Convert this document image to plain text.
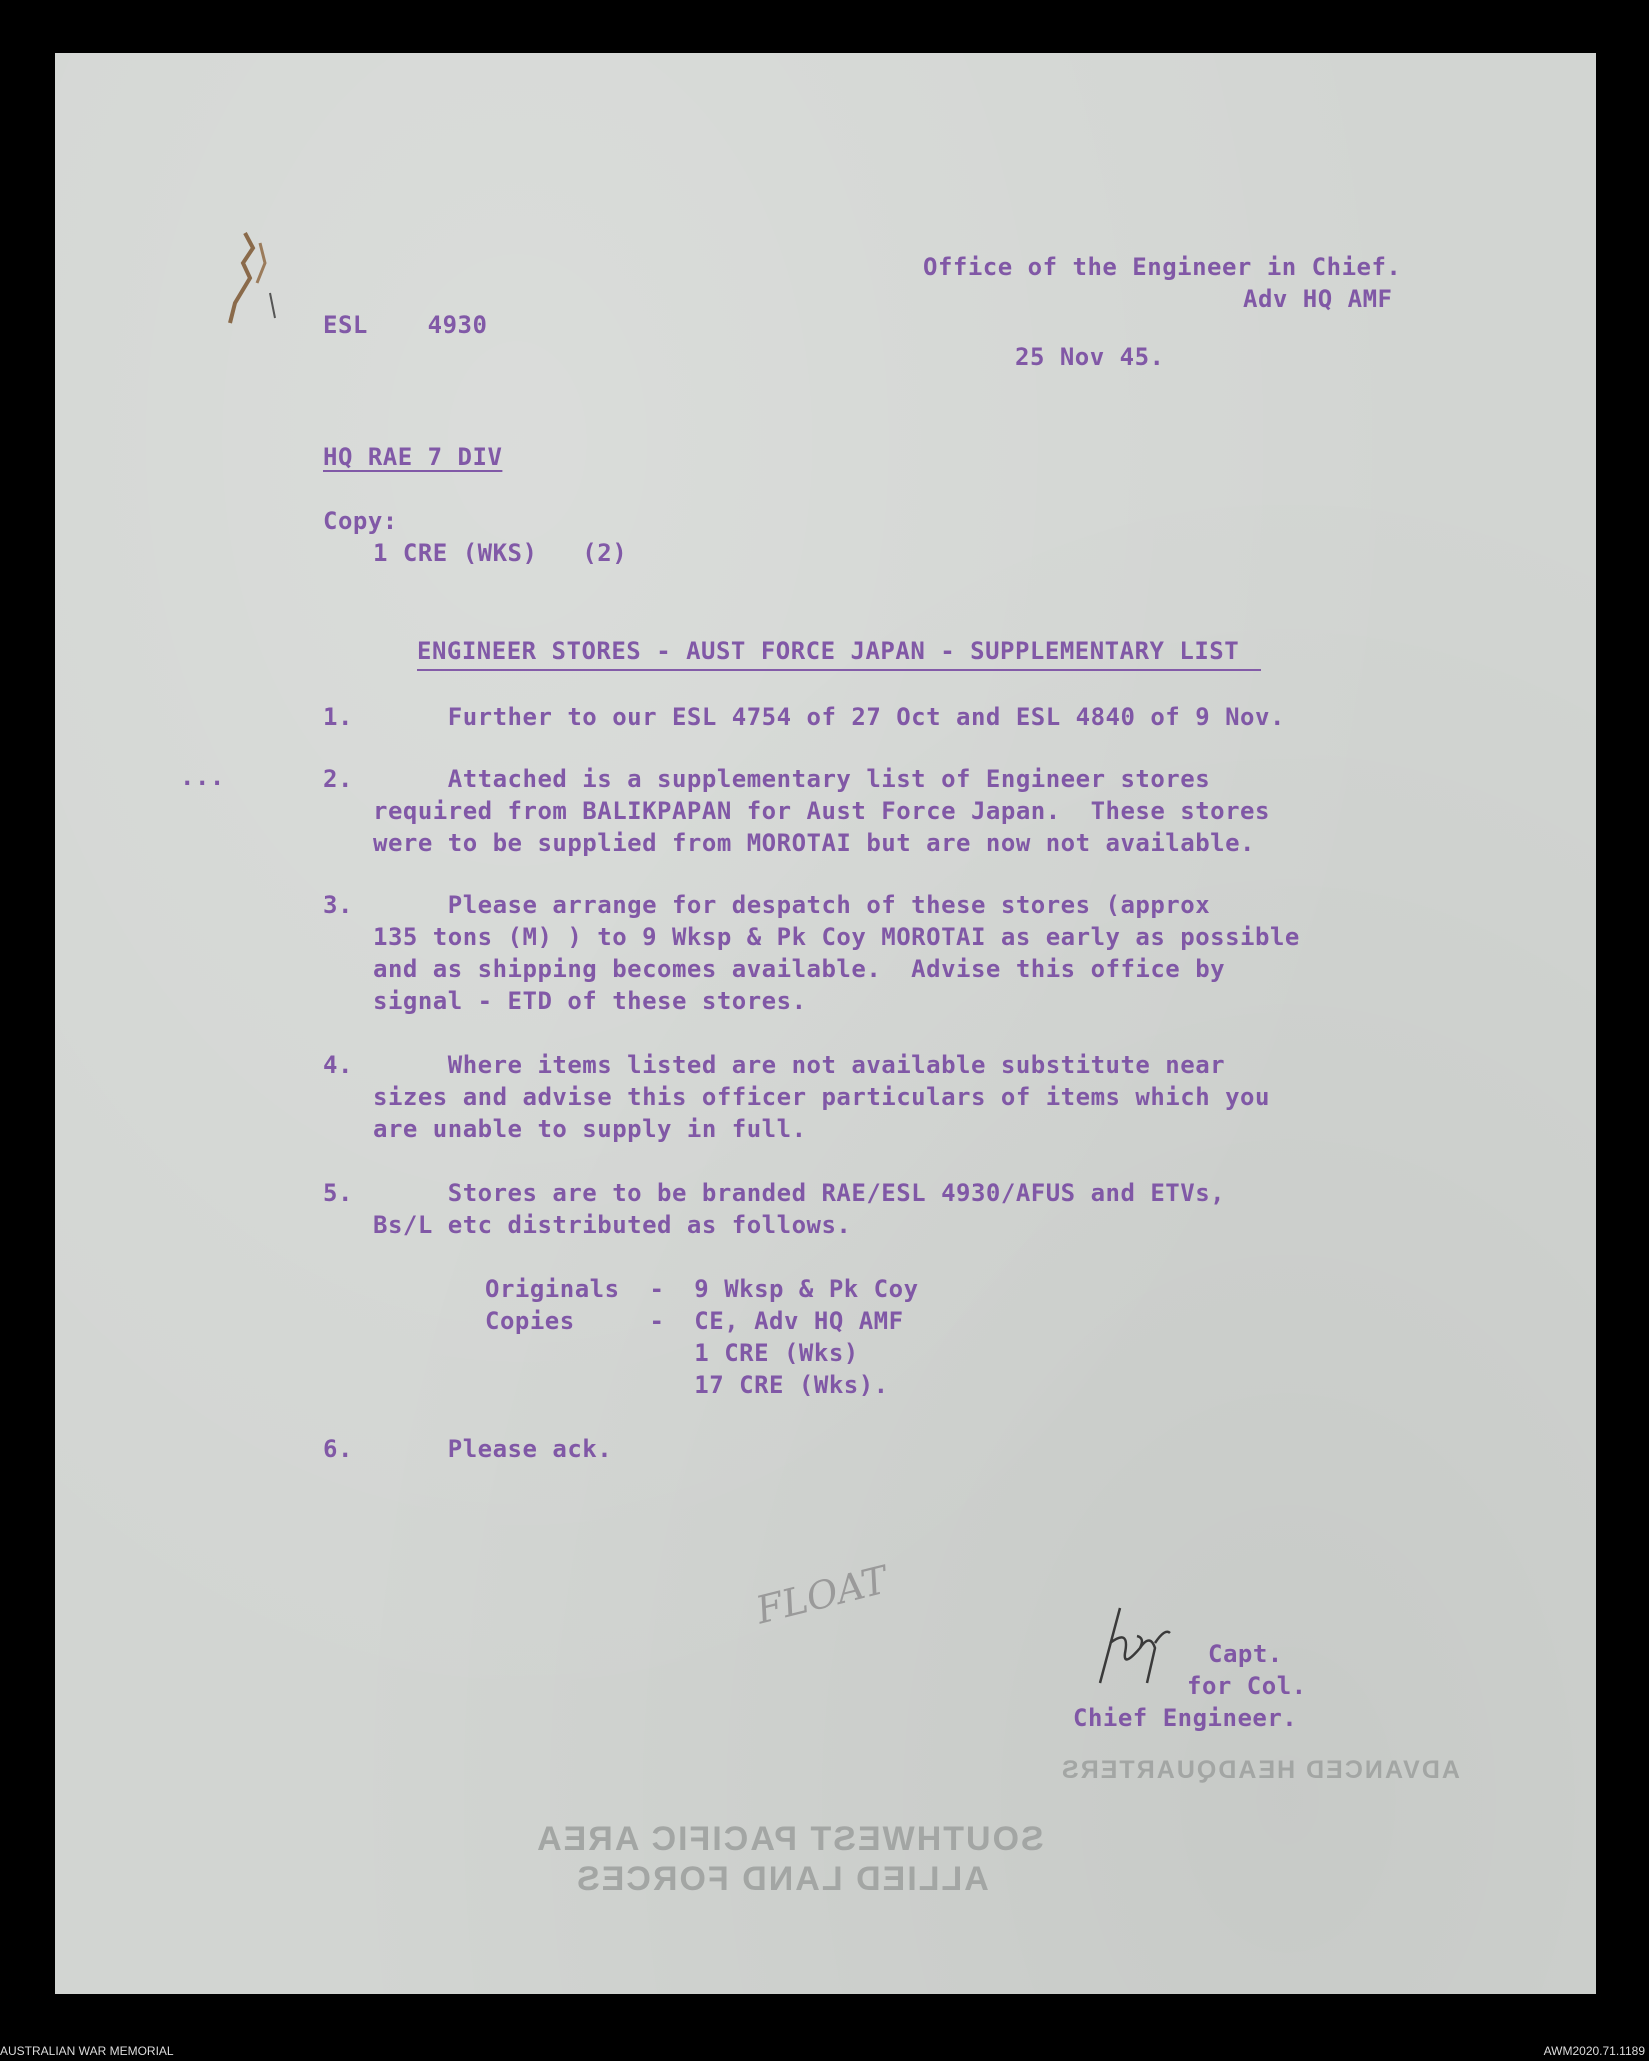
Office of the Engineer in Chief.
Adv HQ AMF
ESL    4930
25 Nov 45.
HQ RAE 7 DIV
Copy:
1 CRE (WKS)   (2)
ENGINEER STORES - AUST FORCE JAPAN - SUPPLEMENTARY LIST
...
1. Further to our ESL 4754 of 27 Oct and ESL 4840 of 9 Nov.
2. Attached is a supplementary list of Engineer stores
required from BALIKPAPAN for Aust Force Japan.  These stores
were to be supplied from MOROTAI but are now not available.
3. Please arrange for despatch of these stores (approx
135 tons (M) ) to 9 Wksp & Pk Coy MOROTAI as early as possible
and as shipping becomes available.  Advise this office by
signal - ETD of these stores.
4. Where items listed are not available substitute near
sizes and advise this officer particulars of items which you
are unable to supply in full.
5. Stores are to be branded RAE/ESL 4930/AFUS and ETVs,
Bs/L etc distributed as follows.
Originals  -  9 Wksp & Pk Coy
Copies     -  CE, Adv HQ AMF
1 CRE (Wks)
17 CRE (Wks).
6. Please ack.
FLOAT
Capt.
for Col.
Chief Engineer.
ADVANCED HEADQUARTERS
SOUTHWEST PACIFIC AREA
ALLIED LAND FORCES
AUSTRALIAN WAR MEMORIAL	AWM2020.71.1189
